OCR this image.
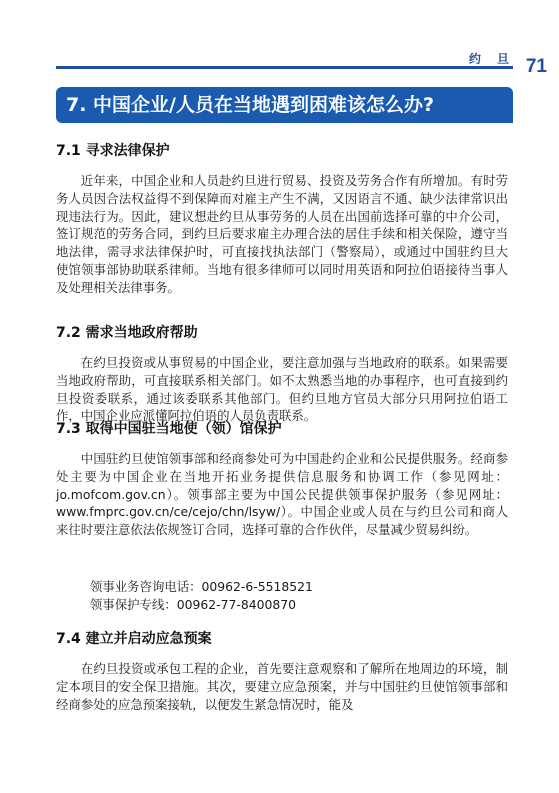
约 旦 71
7. 中国企业/人员在当地遇到困难该怎么办?
7.1 寻求法律保护

近年来，中国企业和人员赴约旦进行贸易、投资及劳务合作有所增加。有时劳务人员因合法权益得不到保障而对雇主产生不满，又因语言不通、缺少法律常识出现违法行为。因此，建议想赴约旦从事劳务的人员在出国前选择可靠的中介公司，签订规范的劳务合同，到约旦后要求雇主办理合法的居住手续和相关保险，遵守当地法律，需寻求法律保护时，可直接找执法部门（警察局），或通过中国驻约旦大使馆领事部协助联系律师。当地有很多律师可以同时用英语和阿拉伯语接待当事人及处理相关法律事务。

7.2 需求当地政府帮助

在约旦投资或从事贸易的中国企业，要注意加强与当地政府的联系。如果需要当地政府帮助，可直接联系相关部门。如不太熟悉当地的办事程序，也可直接到约旦投资委联系，通过该委联系其他部门。但约旦地方官员大部分只用阿拉伯语工作，中国企业应派懂阿拉伯语的人员负责联系。

7.3 取得中国驻当地使（领）馆保护

中国驻约旦使馆领事部和经商参处可为中国赴约企业和公民提供服务。经商参处主要为中国企业在当地开拓业务提供信息服务和协调工作（参见网址：jo.mofcom.gov.cn）。领事部主要为中国公民提供领事保护服务（参见网址：www.fmprc.gov.cn/ce/cejo/chn/lsyw/）。中国企业或人员在与约旦公司和商人来往时要注意依法依规签订合同，选择可靠的合作伙伴，尽量减少贸易纠纷。

领事业务咨询电话：00962-6-5518521
领事保护专线：00962-77-8400870
7.4 建立并启动应急预案

在约旦投资或承包工程的企业，首先要注意观察和了解所在地周边的环境，制定本项目的安全保卫措施。其次，要建立应急预案，并与中国驻约旦使馆领事部和经商参处的应急预案接轨，以便发生紧急情况时，能及
